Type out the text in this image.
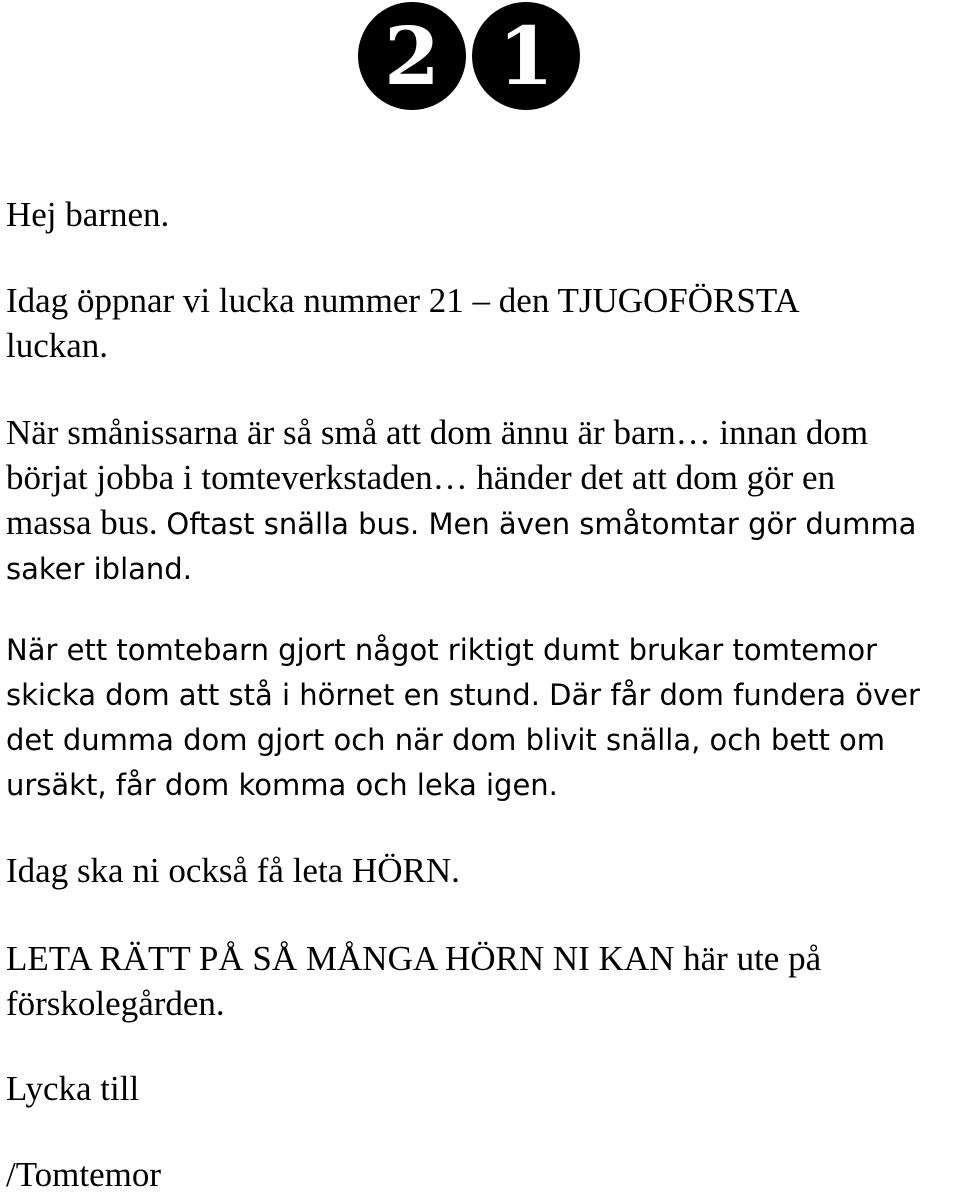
2 1

Hej barnen.

Idag öppnar vi lucka nummer 21 – den TJUGOFÖRSTA
luckan.

När smånissarna är så små att dom ännu är barn… innan dom
börjat jobba i tomteverkstaden… händer det att dom gör en
massa bus. Oftast snälla bus. Men även småtomtar gör dumma
saker ibland.

När ett tomtebarn gjort något riktigt dumt brukar tomtemor
skicka dom att stå i hörnet en stund. Där får dom fundera över
det dumma dom gjort och när dom blivit snälla, och bett om
ursäkt, får dom komma och leka igen.

Idag ska ni också få leta HÖRN.

LETA RÄTT PÅ SÅ MÅNGA HÖRN NI KAN här ute på
förskolegården.

Lycka till

/Tomtemor
